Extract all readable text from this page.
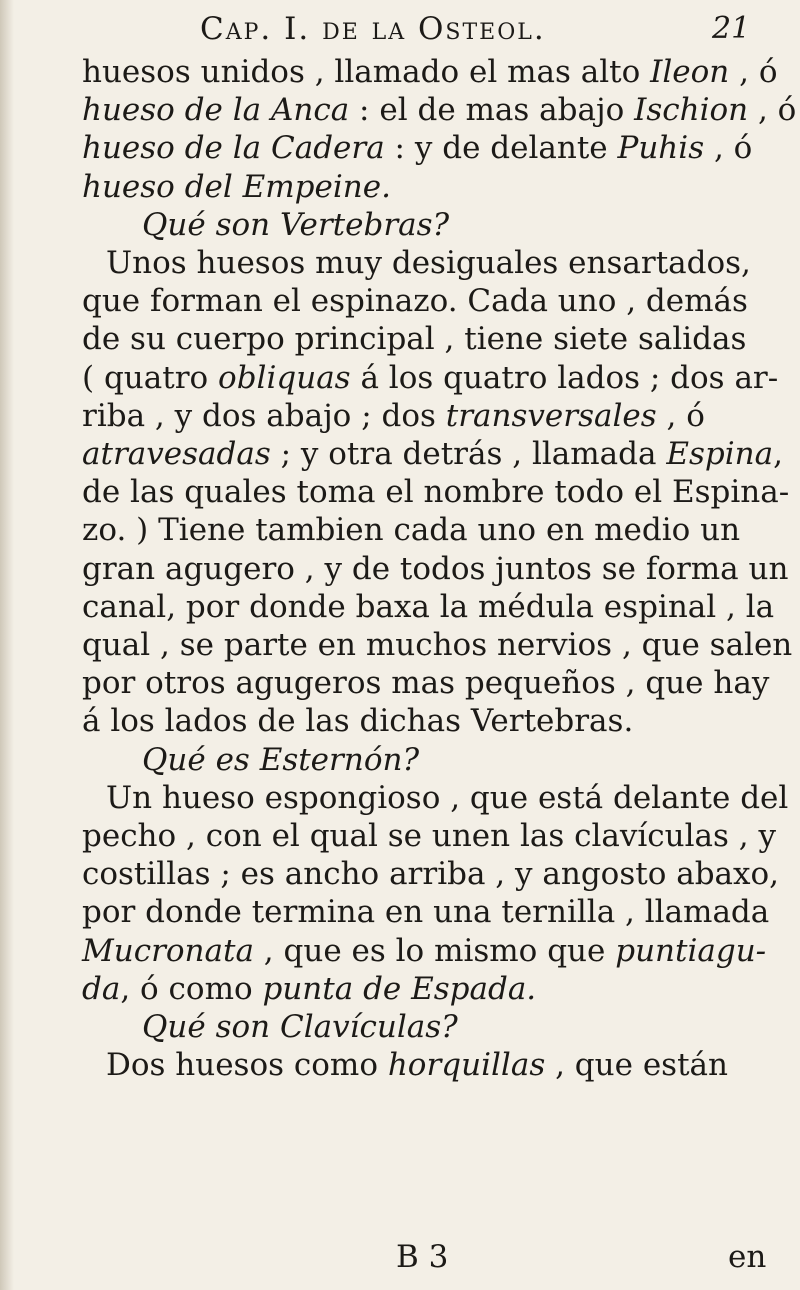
Cap. I. de la Osteol.	21
huesos unidos , llamado el mas alto Ileon , ó
hueso de la Anca : el de mas abajo Ischion , ó
hueso de la Cadera : y de delante Puhis , ó
hueso del Empeine.
Qué son Vertebras?
Unos huesos muy desiguales ensartados,
que forman el espinazo. Cada uno , demás
de su cuerpo principal , tiene siete salidas
( quatro obliquas á los quatro lados ; dos ar-
riba , y dos abajo ; dos transversales , ó
atravesadas ; y otra detrás , llamada Espina,
de las quales toma el nombre todo el Espina-
zo. ) Tiene tambien cada uno en medio un
gran agugero , y de todos juntos se forma un
canal, por donde baxa la médula espinal , la
qual , se parte en muchos nervios , que salen
por otros agugeros mas pequeños , que hay
á los lados de las dichas Vertebras.
Qué es Esternón?
Un hueso espongioso , que está delante del
pecho , con el qual se unen las clavículas , y
costillas ; es ancho arriba , y angosto abaxo,
por donde termina en una ternilla , llamada
Mucronata , que es lo mismo que puntiagu-
da, ó como punta de Espada.
Qué son Clavículas?
Dos huesos como horquillas , que están
B 3	en
